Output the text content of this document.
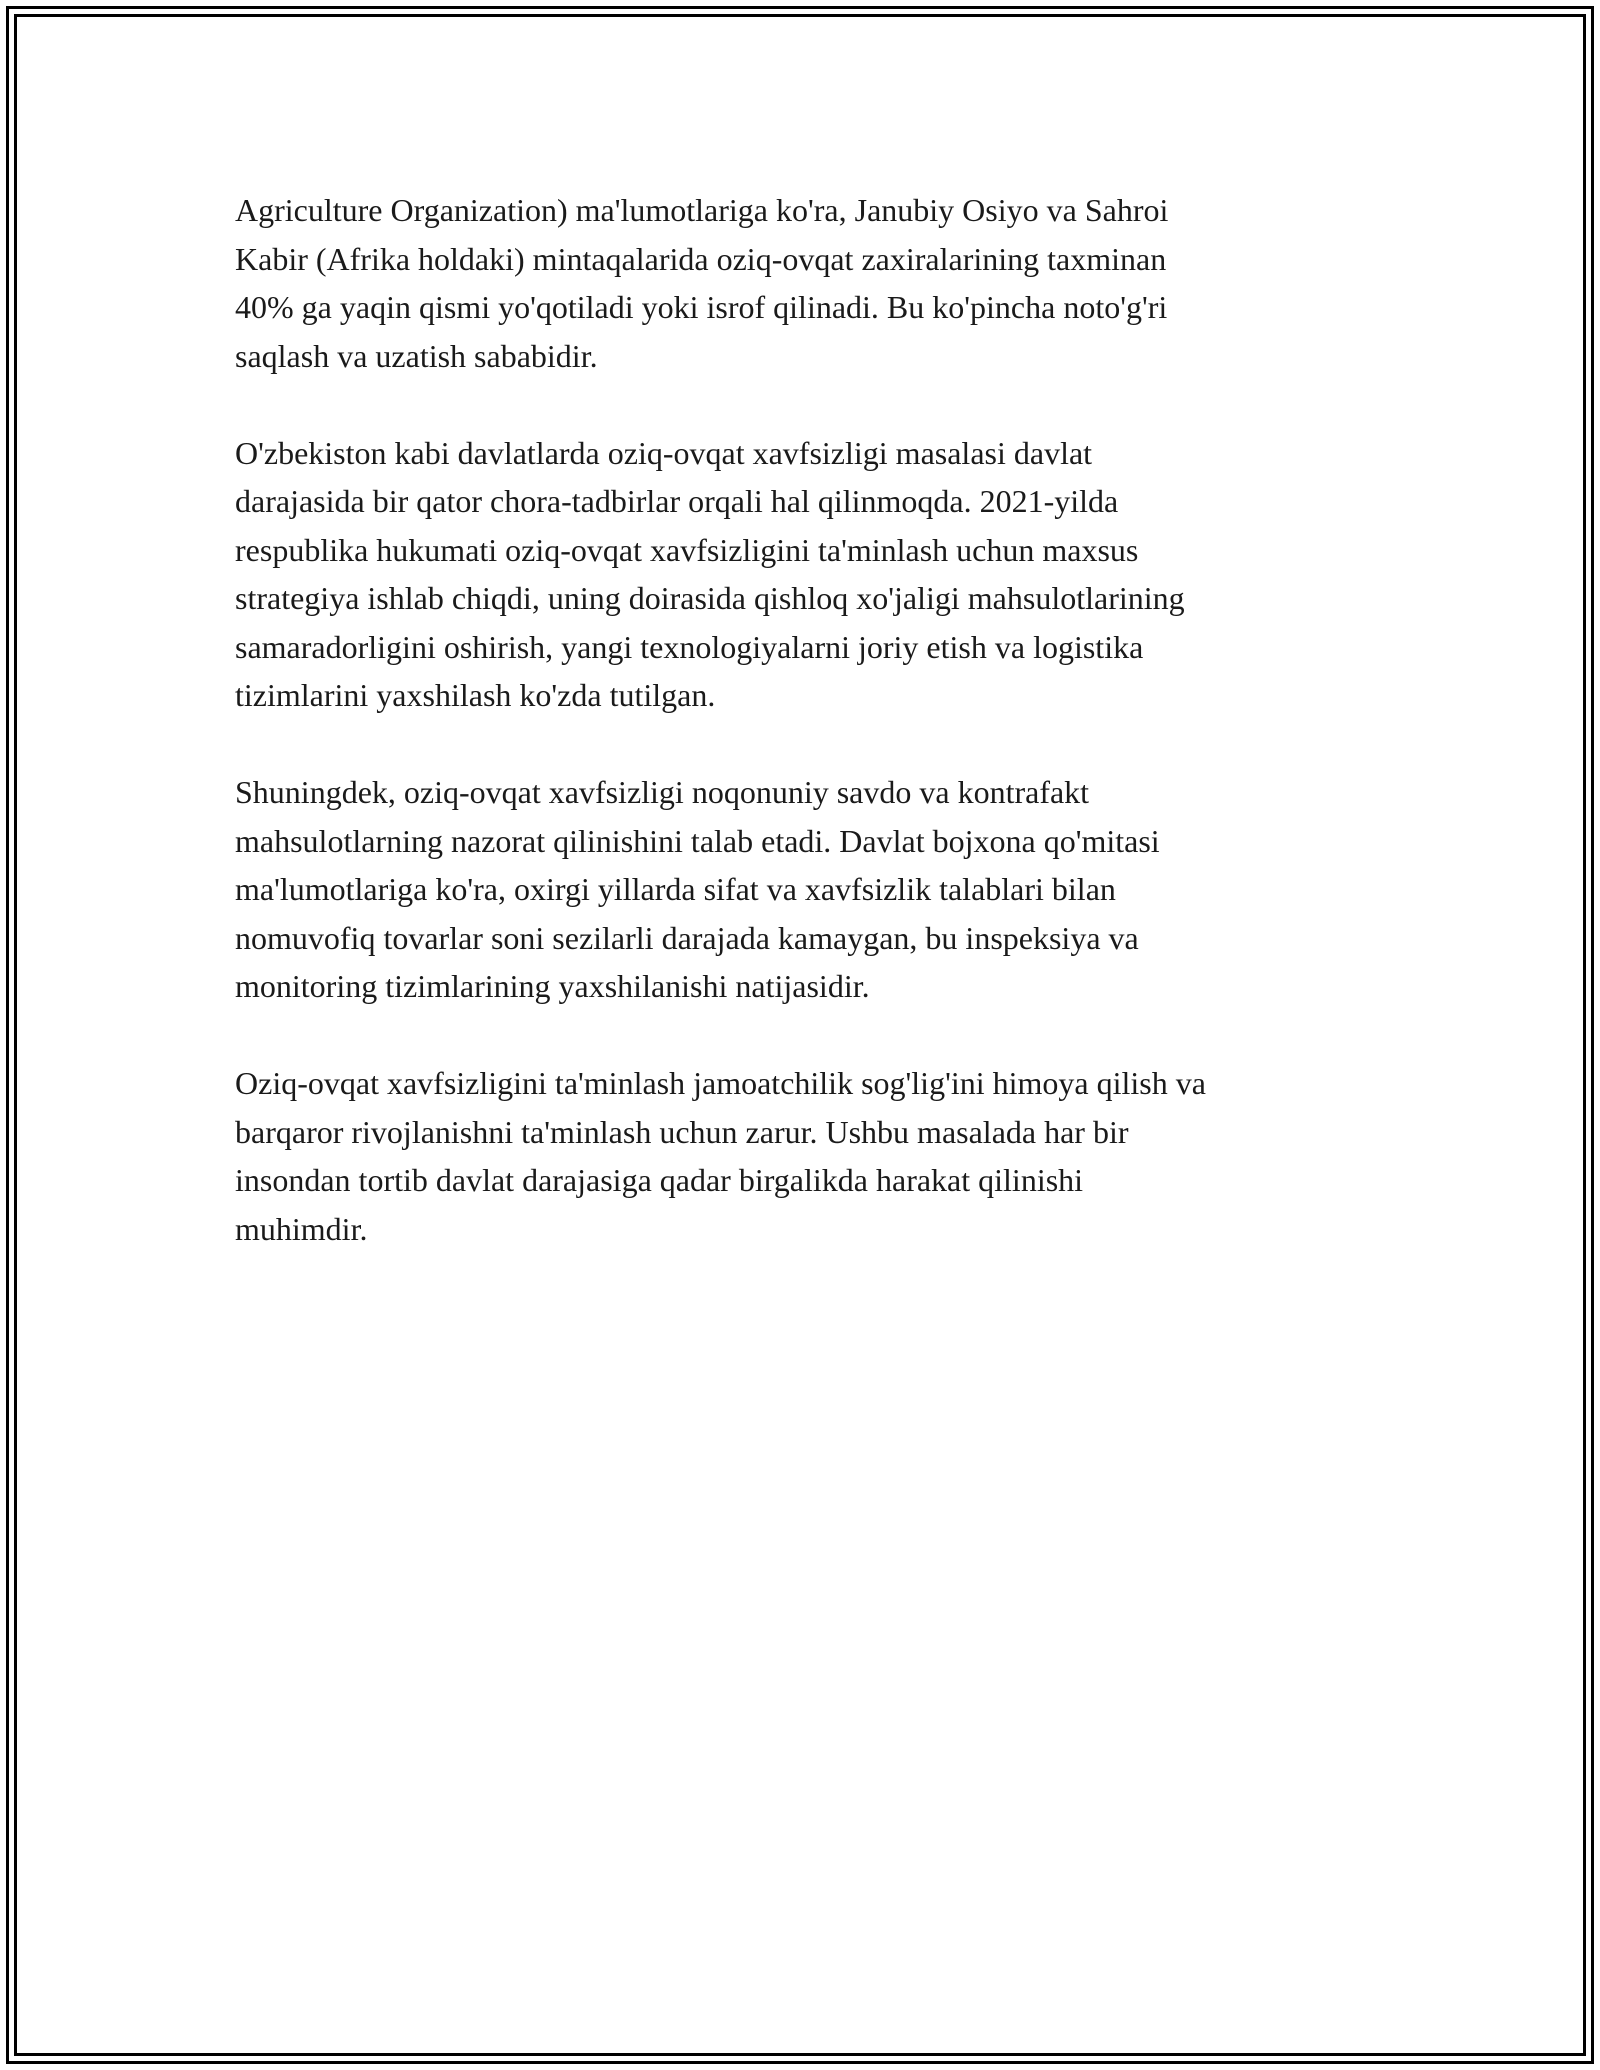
Agriculture Organization) ma'lumotlariga ko'ra, Janubiy Osiyo va Sahroi
Kabir (Afrika holdaki) mintaqalarida oziq-ovqat zaxiralarining taxminan
40% ga yaqin qismi yo'qotiladi yoki isrof qilinadi. Bu ko'pincha noto'g'ri
saqlash va uzatish sababidir.

O'zbekiston kabi davlatlarda oziq-ovqat xavfsizligi masalasi davlat
darajasida bir qator chora-tadbirlar orqali hal qilinmoqda. 2021-yilda
respublika hukumati oziq-ovqat xavfsizligini ta'minlash uchun maxsus
strategiya ishlab chiqdi, uning doirasida qishloq xo'jaligi mahsulotlarining
samaradorligini oshirish, yangi texnologiyalarni joriy etish va logistika
tizimlarini yaxshilash ko'zda tutilgan.

Shuningdek, oziq-ovqat xavfsizligi noqonuniy savdo va kontrafakt
mahsulotlarning nazorat qilinishini talab etadi. Davlat bojxona qo'mitasi
ma'lumotlariga ko'ra, oxirgi yillarda sifat va xavfsizlik talablari bilan
nomuvofiq tovarlar soni sezilarli darajada kamaygan, bu inspeksiya va
monitoring tizimlarining yaxshilanishi natijasidir.

Oziq-ovqat xavfsizligini ta'minlash jamoatchilik sog'lig'ini himoya qilish va
barqaror rivojlanishni ta'minlash uchun zarur. Ushbu masalada har bir
insondan tortib davlat darajasiga qadar birgalikda harakat qilinishi
muhimdir.
